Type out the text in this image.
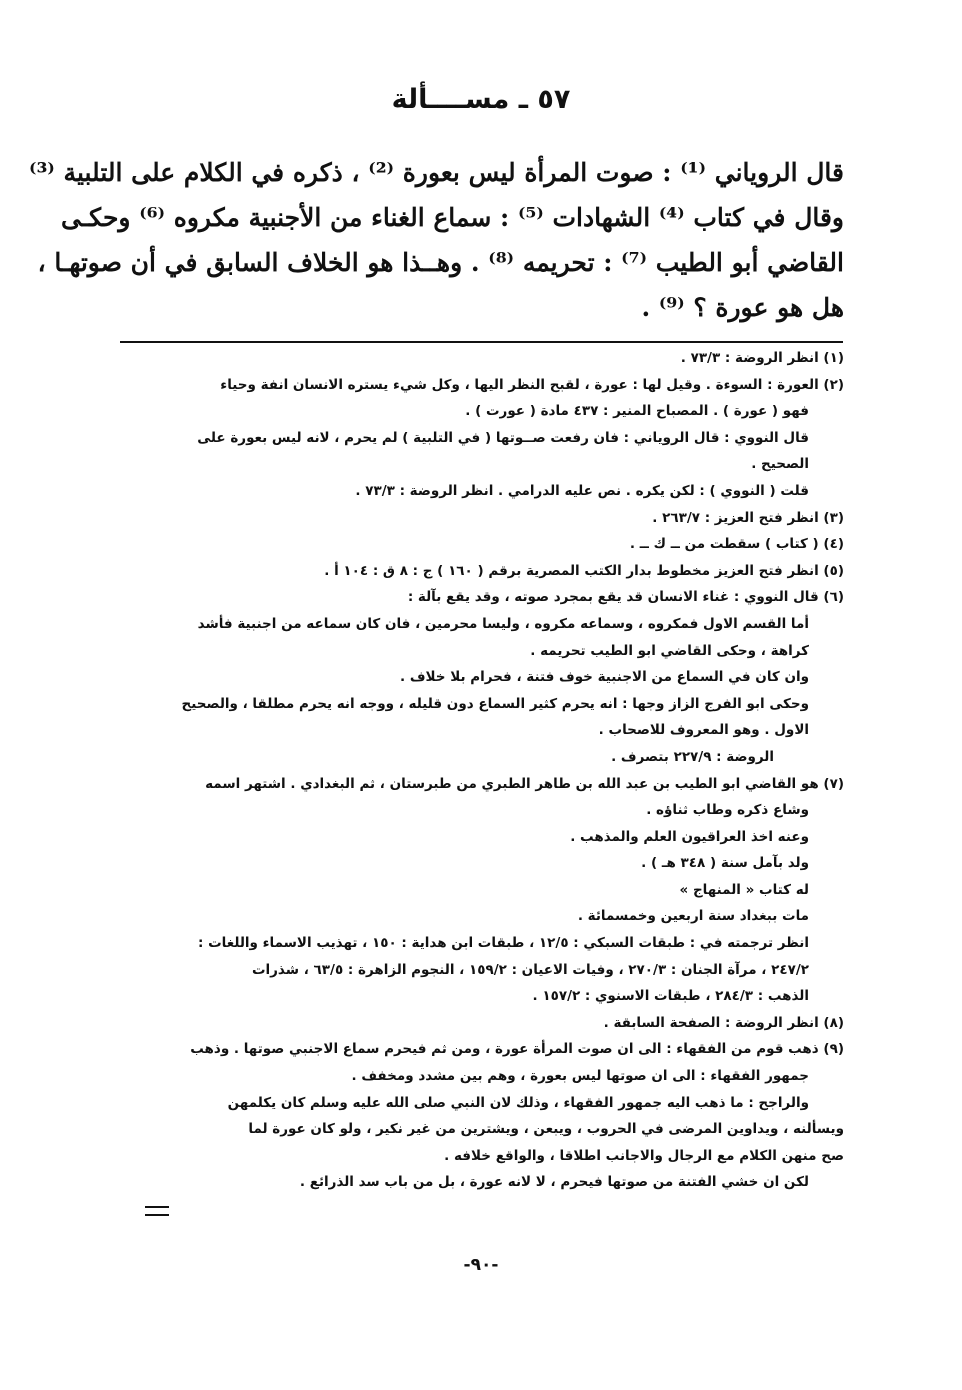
٥٧ ـ مســــألة
قال الروياني ⁽¹⁾ : صوت المرأة ليس بعورة ⁽²⁾ ، ذكره في الكلام على التلبية ⁽³⁾
وقال في كتاب ⁽⁴⁾ الشهادات ⁽⁵⁾ : سماع الغناء من الأجنبية مكروه ⁽⁶⁾ وحكـى
القاضي أبو الطيب ⁽⁷⁾ : تحريمه ⁽⁸⁾ . وهــذا هو الخلاف السابق في أن صوتهـا ،
هل هو عورة ؟ ⁽⁹⁾ .
(١) انظر الروضة : ٧٣/٣ .
(٢) العورة : السوءة . وقيل لها : عورة ، لقبح النظر اليها ، وكل شيء يستره الانسان انفة وحياء
فهو ( عورة ) . المصباح المنير : ٤٣٧ مادة ( عورت ) .
قال النووي : قال الروياني : فان رفعت صــوتها ( في التلبية ) لم يحرم ، لانه ليس بعورة على
الصحيح .
قلت ( النووي ) : لكن يكره . نص عليه الدرامي . انظر الروضة : ٧٣/٣ .
(٣) انظر فتح العزيز : ٢٦٣/٧ .
(٤) ( كتاب ) سقطت من ــ ك ــ .
(٥) انظر فتح العزيز مخطوط بدار الكتب المصرية برقم ( ١٦٠ ) ج : ٨ ق : ١٠٤ أ .
(٦) قال النووي : غناء الانسان قد يقع بمجرد صوته ، وقد يقع بآلة :
أما القسم الاول فمكروه ، وسماعه مكروه ، وليسا محرمين ، فان كان سماعه من اجنبية فأشد
كراهة ، وحكى القاضي ابو الطيب تحريمه .
وان كان في السماع من الاجنبية خوف فتنة ، فحرام بلا خلاف .
وحكى ابو الفرج الزاز وجها : انه يحرم كثير السماع دون قليله ، ووجه انه يحرم مطلقا ، والصحيح
الاول . وهو المعروف للاصحاب .
الروضة : ٢٢٧/٩ بتصرف .
(٧) هو القاضي ابو الطيب بن عبد الله بن طاهر الطبري من طبرستان ، ثم البغدادي . اشتهر اسمه
وشاع ذكره وطاب ثناؤه .
وعنه اخذ العراقيون العلم والمذهب .
ولد بآمل سنة ( ٣٤٨ هـ ) .
له كتاب « المنهاج »
مات ببغداد سنة اربعين وخمسمائة .
انظر ترجمته في : طبقات السبكي : ١٢/٥ ، طبقات ابن هداية : ١٥٠ ، تهذيب الاسماء واللغات :
٢٤٧/٢ ، مرآة الجنان : ٢٧٠/٣ ، وفيات الاعيان : ١٥٩/٢ ، النجوم الزاهرة : ٦٣/٥ ، شذرات
الذهب : ٢٨٤/٣ ، طبقات الاسنوي : ١٥٧/٢ .
(٨) انظر الروضة : الصفحة السابقة .
(٩) ذهب قوم من الفقهاء : الى ان صوت المرأة عورة ، ومن ثم فيحرم سماع الاجنبي صوتها . وذهب
جمهور الفقهاء : الى ان صوتها ليس بعورة ، وهم بين مشدد ومخفف .
والراجح : ما ذهب اليه جمهور الفقهاء ، وذلك لان النبي صلى الله عليه وسلم كان يكلمهن
ويسألنه ، ويداوين المرضى في الحروب ، ويبعن ، ويشترين من غير نكير ، ولو كان عورة لما
صح منهن الكلام مع الرجال والاجانب اطلاقا ، والواقع خلافه .
لكن ان خشي الفتنة من صوتها فيحرم ، لا لانه عورة ، بل من باب سد الذرائع .
-٩٠-
